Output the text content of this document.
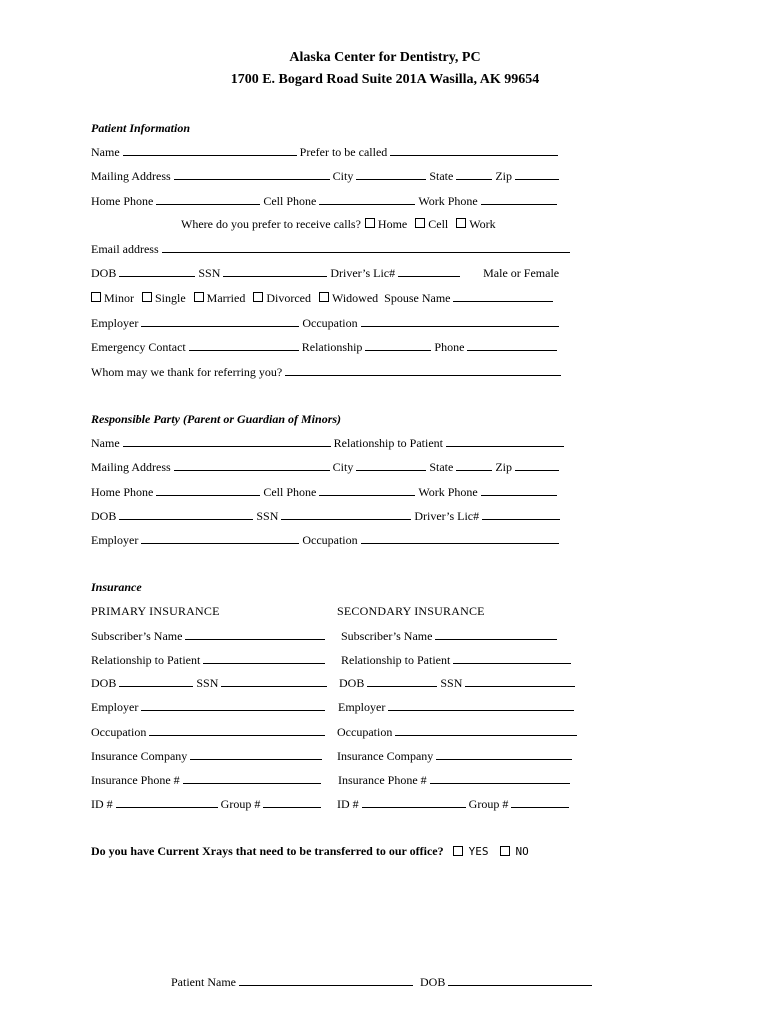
Alaska Center for Dentistry, PC
1700 E. Bogard Road Suite 201A Wasilla, AK 99654
Patient Information
Name	Prefer to be called
Mailing Address	City	State	Zip
Home Phone	Cell Phone	Work Phone
Where do you prefer to receive calls? Home Cell Work
Email address
DOB	SSN	Driver’s Lic#	Male or Female
Minor Single Married Divorced Widowed Spouse Name
Employer	Occupation
Emergency Contact	Relationship	Phone
Whom may we thank for referring you?
Responsible Party (Parent or Guardian of Minors)
Name	Relationship to Patient
Mailing Address	City	State	Zip
Home Phone	Cell Phone	Work Phone
DOB	SSN	Driver’s Lic#
Employer	Occupation
Insurance
PRIMARY INSURANCE	SECONDARY INSURANCE
Subscriber’s Name	Subscriber’s Name
Relationship to Patient	Relationship to Patient
DOB	SSN	DOB	SSN
Employer	Employer
Occupation	Occupation
Insurance Company	Insurance Company
Insurance Phone #	Insurance Phone #
ID #	Group #	ID #	Group #
Do you have Current Xrays that need to be transferred to our office? YES NO
Patient Name	DOB
